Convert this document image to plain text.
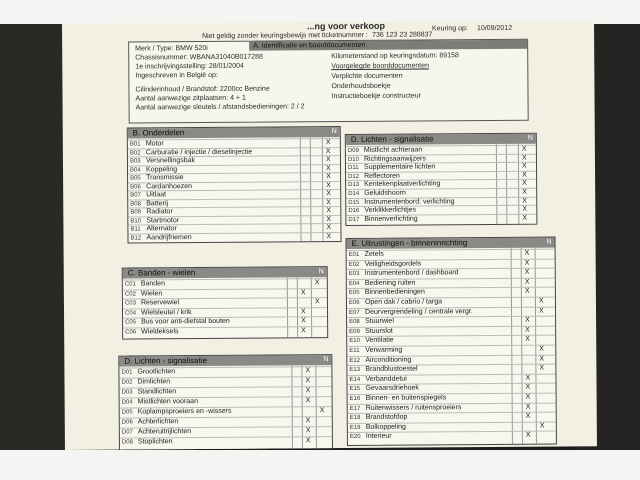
...ng voor verkoop
Niet geldig zonder keuringsbewijs met ticketnummer : 736 123 23 288837
Keuring op: 10/09/2012
A. Identificatie en boorddocumenten
Merk / Type: BMW 520i
Chassisnummer: WBANA31040B017288
1e inschrijvingsstelling: 28/01/2004
Ingeschreven in België op:
Cilinderinhoud / Brandstof: 2200cc Benzine
Aantal aanwezige zitplaatsen: 4 + 1
Aantal aanwezige sleutels / afstandsbedieningen: 2 / 2
Kilometerstand op keuringsdatum: 89158
Voorgelegde boorddocumenten
Verplichte documenten
Onderhoudsboekje
Instructieboekje constructeur
B. Onderdelen	N
B01 Motor	X
B02 Carburatie / injectie / dieselinjectie	X
B03 Versnellingsbak	X
B04 Koppeling	X
B05 Transmissie	X
B06 Cardanhoezen	X
B07 Uitlaat	X
B08 Batterij	X
B09 Radiator	X
B10 Startmotor	X
B11 Alternator	X
B12 Aandrijfriemen	X
C. Banden - wielen	N
C01 Banden	X
C02 Wielen	X
C03 Reservewiel	X
C04 Wielsleutel / krik	X
C05 Bus voor anti-diefstal bouten	X
C06 Wieldeksels	X
D. Lichten - signalisatie	N
D01 Grootlichten	X
D02 Dimlichten	X
D03 Standlichten	X
D04 Mistlichten vooraan	X
D05 Koplampsproeiers en -wissers	X
D06 Achterlichten	X
D07 Achteruitrijlichten	X
D08 Stoplichten	X
D. Lichten - signalisatie	N
D09 Mistlicht achteraan	X
D10 Richtingsaanwijzers	X
D11 Supplementaire lichten	X
D12 Reflectoren	X
D13 Kentekenplaatverlichting	X
D14 Geluidshoorn	X
D15 Instrumentenbord: verlichting	X
D16 Verklikkerlichtjes	X
D17 Binnenverlichting	X
E. Uitrustingen - binneninrichting	N
E01 Zetels	X
E02 Veiligheidsgordels	X
E03 Instrumentenbord / dashboard	X
E04 Bediening ruiten	X
E05 Binnenbedieningen	X
E06 Open dak / cabrio / targa	X
E07 Deurvergrendeling / centrale vergr.	X
E08 Stuurwiel	X
E09 Stuurslot	X
E10 Ventilatie	X
E11 Verwarming	X
E12 Airconditioning	X
E13 Brandblustoestel	X
E14 Verbanddetui	X
E15 Gevaarsdriehoek	X
E16 Binnen- en buitenspiegels	X
E17 Ruitenwissers / ruitensproeiers	X
E18 Brandstofdop	X
E19 Bolkoppeling	X
E20 Interieur	X
